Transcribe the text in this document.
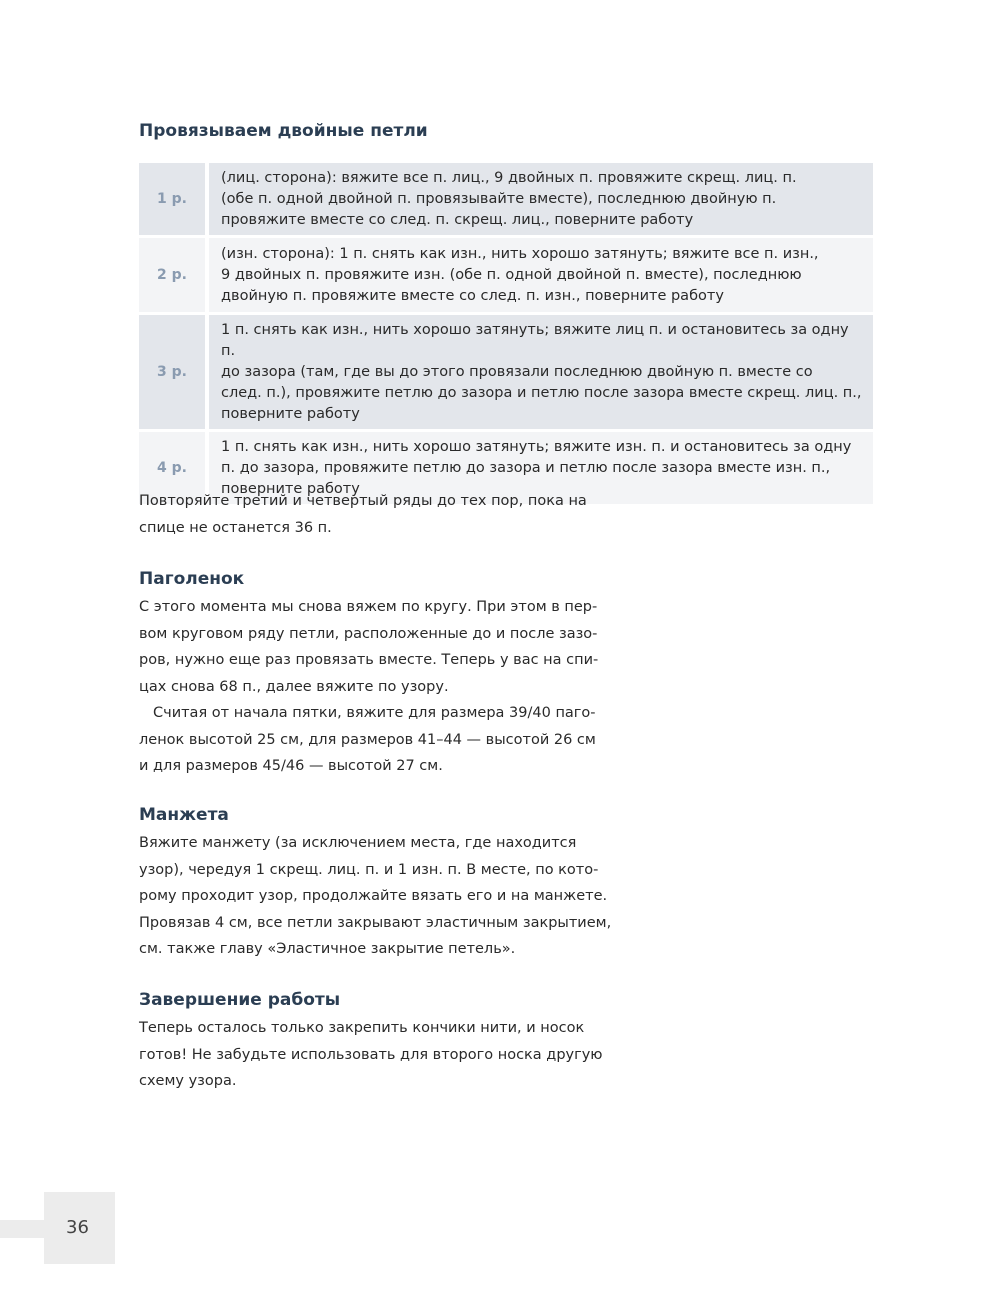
Провязываем двойные петли
1 р.		(лиц. сторона): вяжите все п. лиц., 9 двойных п. провяжите скрещ. лиц. п.
(обе п. одной двойной п. провязывайте вместе), последнюю двойную п.
провяжите вместе со след. п. скрещ. лиц., поверните работу

2 р.		(изн. сторона): 1 п. снять как изн., нить хорошо затянуть; вяжите все п. изн.,
9 двойных п. провяжите изн. (обе п. одной двойной п. вместе), последнюю
двойную п. провяжите вместе со след. п. изн., поверните работу

3 р.		1 п. снять как изн., нить хорошо затянуть; вяжите лиц п. и остановитесь за одну п.
до зазора (там, где вы до этого провязали последнюю двойную п. вместе со
след. п.), провяжите петлю до зазора и петлю после зазора вместе скрещ. лиц. п.,
поверните работу

4 р.		1 п. снять как изн., нить хорошо затянуть; вяжите изн. п. и остановитесь за одну
п. до зазора, провяжите петлю до зазора и петлю после зазора вместе изн. п.,
поверните работу

Повторяйте третий и четвертый ряды до тех пор, пока на
спице не останется 36 п.

Паголенок

С этого момента мы снова вяжем по кругу. При этом в пер-
вом круговом ряду петли, расположенные до и после зазо-
ров, нужно еще раз провязать вместе. Теперь у вас на спи-
цах снова 68 п., далее вяжите по узору.
Считая от начала пятки, вяжите для размера 39/40 паго-
ленок высотой 25 см, для размеров 41–44 — высотой 26 см
и для размеров 45/46 — высотой 27 см.

Манжета

Вяжите манжету (за исключением места, где находится
узор), чередуя 1 скрещ. лиц. п. и 1 изн. п. В месте, по кото-
рому проходит узор, продолжайте вязать его и на манжете.
Провязав 4 см, все петли закрывают эластичным закрытием,
см. также главу «Эластичное закрытие петель».

Завершение работы

Теперь осталось только закрепить кончики нити, и носок
готов! Не забудьте использовать для второго носка другую
схему узора.

36
